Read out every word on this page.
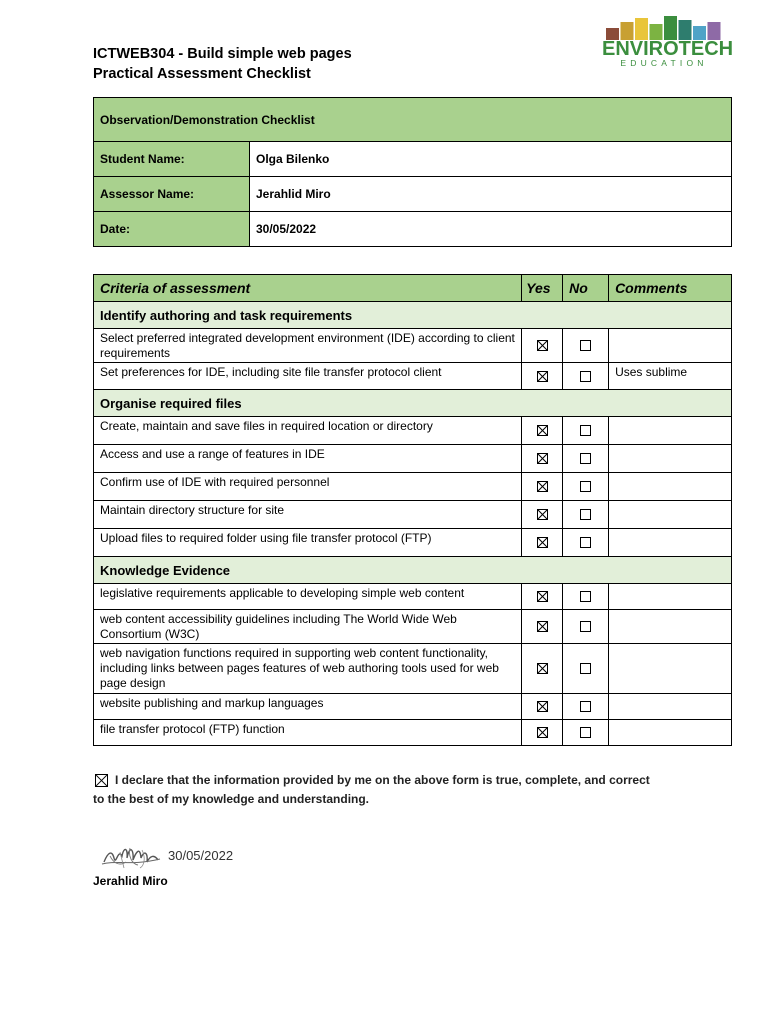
ICTWEB304 - Build simple web pages
Practical Assessment Checklist
ENVIROTECH
EDUCATION
Observation/Demonstration Checklist	
Student Name:	Olga Bilenko
Assessor Name:	Jerahlid Miro
Date:	30/05/2022
Criteria of assessment	Yes	No	Comments
Identify authoring and task requirements			
Select preferred integrated development environment (IDE) according to client requirements			
Set preferences for IDE, including site file transfer protocol client			Uses sublime
Organise required files			
Create, maintain and save files in required location or directory			
Access and use a range of features in IDE			
Confirm use of IDE with required personnel			
Maintain directory structure for site			
Upload files to required folder using file transfer protocol (FTP)			
Knowledge Evidence			
legislative requirements applicable to developing simple web content			
web content accessibility guidelines including The World Wide Web Consortium (W3C)			
web navigation functions required in supporting web content functionality, including links between pages features of web authoring tools used for web page design			
website publishing and markup languages			
file transfer protocol (FTP) function			
I declare that the information provided by me on the above form is true, complete, and correct
to the best of my knowledge and understanding.
30/05/2022
Jerahlid Miro
